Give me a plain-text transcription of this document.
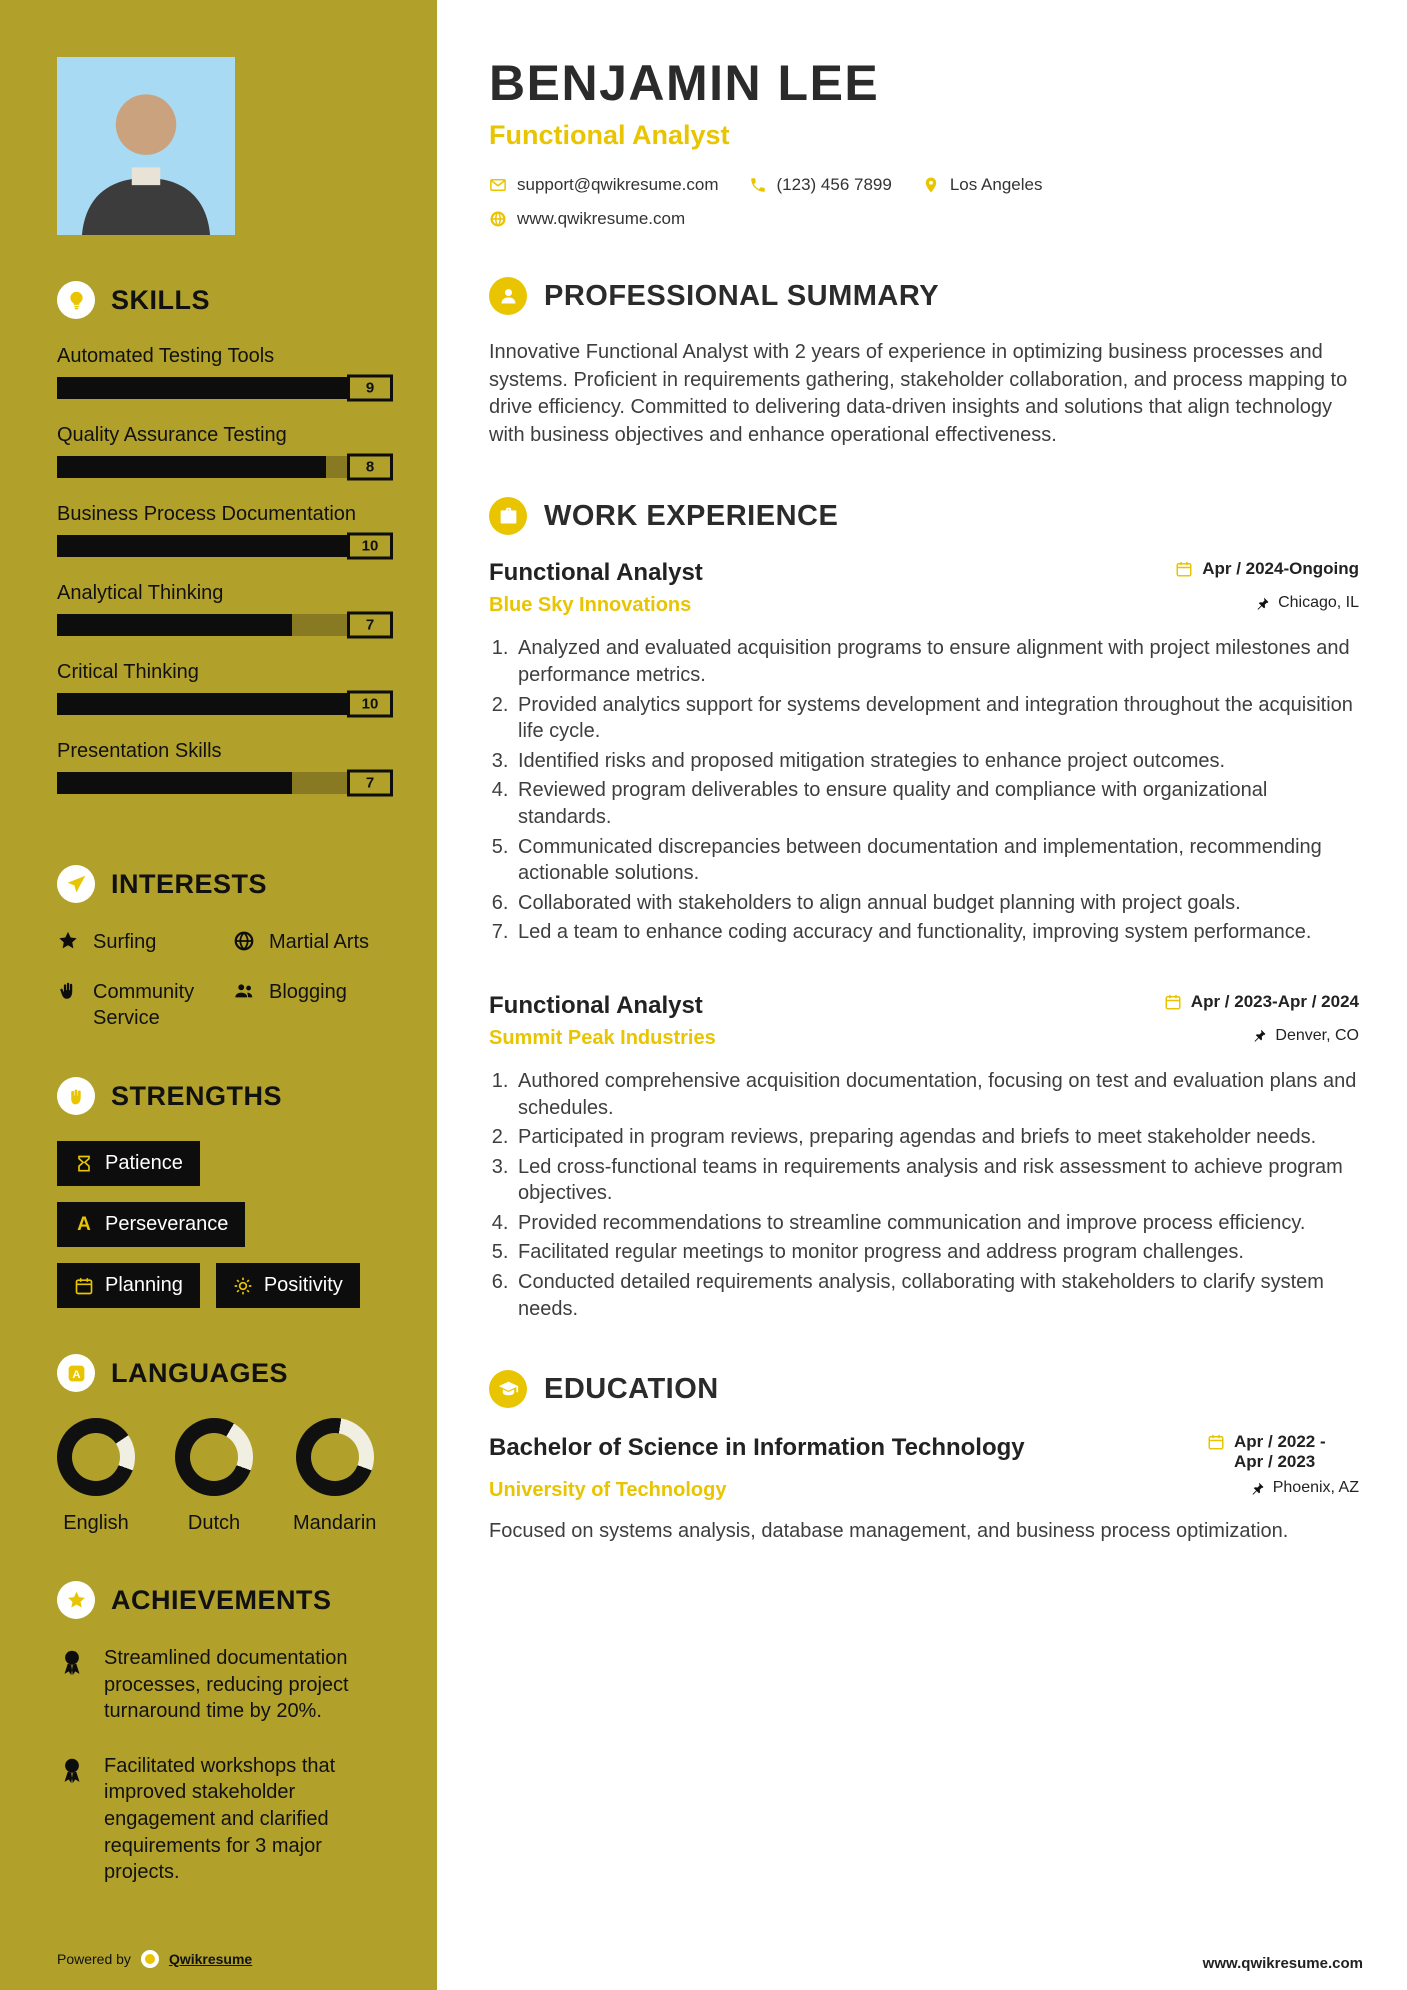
SKILLS
Automated Testing Tools
9
Quality Assurance Testing
8
Business Process Documentation
10
Analytical Thinking
7
Critical Thinking
10
Presentation Skills
7
INTERESTS
Surfing	Martial Arts
Community Service
Blogging
STRENGTHS
Patience
A Perseverance
Planning	Positivity
A LANGUAGES
English	Dutch	Mandarin
ACHIEVEMENTS
Streamlined documentation processes, reducing project turnaround time by 20%.
Facilitated workshops that improved stakeholder engagement and clarified requirements for 3 major projects.
Powered by	Qwikresume
BENJAMIN LEE
Functional Analyst
support@qwikresume.com	(123) 456 7899	Los Angeles
www.qwikresume.com
PROFESSIONAL SUMMARY

Innovative Functional Analyst with 2 years of experience in optimizing business processes and systems. Proficient in requirements gathering, stakeholder collaboration, and process mapping to drive efficiency. Committed to delivering data-driven insights and solutions that align technology with business objectives and enhance operational effectiveness.

WORK EXPERIENCE
Functional Analyst	Apr / 2024-Ongoing
Blue Sky Innovations	Chicago, IL
1. Analyzed and evaluated acquisition programs to ensure alignment with project milestones and performance metrics.
2. Provided analytics support for systems development and integration throughout the acquisition life cycle.
3. Identified risks and proposed mitigation strategies to enhance project outcomes.
4. Reviewed program deliverables to ensure quality and compliance with organizational standards.
5. Communicated discrepancies between documentation and implementation, recommending actionable solutions.
6. Collaborated with stakeholders to align annual budget planning with project goals.
7. Led a team to enhance coding accuracy and functionality, improving system performance.
Functional Analyst	Apr / 2023-Apr / 2024
Summit Peak Industries	Denver, CO
1. Authored comprehensive acquisition documentation, focusing on test and evaluation plans and schedules.
2. Participated in program reviews, preparing agendas and briefs to meet stakeholder needs.
3. Led cross-functional teams in requirements analysis and risk assessment to achieve program objectives.
4. Provided recommendations to streamline communication and improve process efficiency.
5. Facilitated regular meetings to monitor progress and address program challenges.
6. Conducted detailed requirements analysis, collaborating with stakeholders to clarify system needs.
EDUCATION
Bachelor of Science in Information Technology	Apr / 2022 - Apr / 2023
University of Technology	Phoenix, AZ

Focused on systems analysis, database management, and business process optimization.

www.qwikresume.com
